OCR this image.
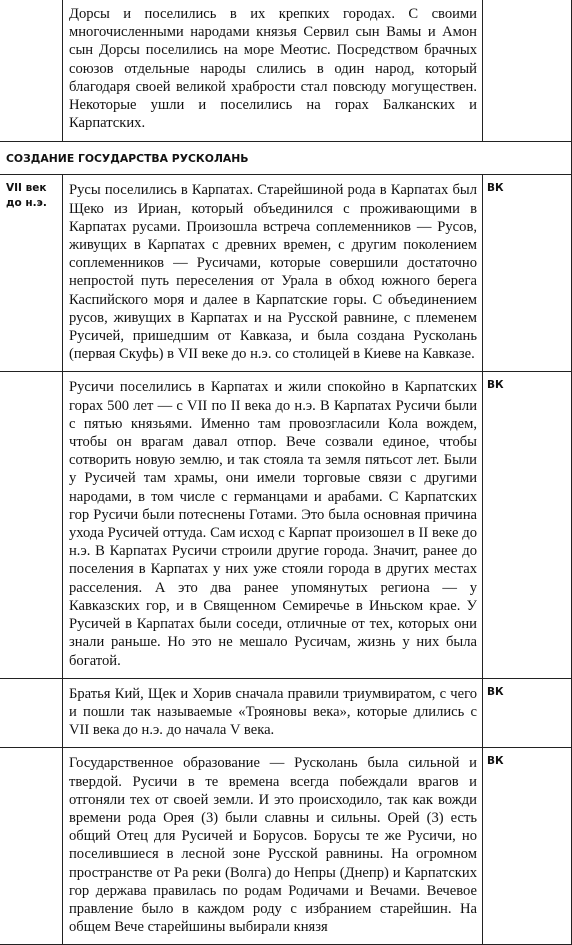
	Дорсы и поселились в их крепких городах. С своими многочисленными народами князья Сервил сын Вамы и Амон сын Дорсы поселились на море Меотис. Посредством брачных союзов отдельные народы слились в один народ, который благодаря своей великой храбрости стал повсюду могуществен. Некоторые ушли и поселились на горах Балканских и Карпатских.	
СОЗДАНИЕ ГОСУДАРСТВА РУСКОЛАНЬ		
VII век до н.э.	Русы поселились в Карпатах. Старейшиной рода в Карпатах был Щеко из Ириан, который объединился с проживающими в Карпатах русами. Произошла встреча соплеменников — Русов, живущих в Карпатах с древних времен, с другим поколением соплеменников — Русичами, которые совершили достаточно непростой путь переселения от Урала в обход южного берега Каспийского моря и далее в Карпатские горы. С объединением русов, живущих в Карпатах и на Русской равнине, с племенем Русичей, пришедшим от Кавказа, и была создана Русколань (первая Скуфь) в VII веке до н.э. со столицей в Киеве на Кавказе.	ВК
	Русичи поселились в Карпатах и жили спокойно в Карпатских горах 500 лет — с VII по II века до н.э. В Карпатах Русичи были с пятью князьями. Именно там провозгласили Кола вождем, чтобы он врагам давал отпор. Вече созвали единое, чтобы сотворить новую землю, и так стояла та земля пятьсот лет. Были у Русичей там храмы, они имели торговые связи с другими народами, в том числе с германцами и арабами. С Карпатских гор Русичи были потеснены Готами. Это была основная причина ухода Русичей оттуда. Сам исход с Карпат произошел в II веке до н.э. В Карпатах Русичи строили другие города. Значит, ранее до поселения в Карпатах у них уже стояли города в других местах расселения. А это два ранее упомянутых региона — у Кавказских гор, и в Священном Семиречье в Иньском крае. У Русичей в Карпатах были соседи, отличные от тех, которых они знали раньше. Но это не мешало Русичам, жизнь у них была богатой.	ВК
	Братья Кий, Щек и Хорив сначала правили триумвиратом, с чего и пошли так называемые «Трояновы века», которые длились с VII века до н.э. до начала V века.	ВК
	Государственное образование — Русколань была сильной и твердой. Русичи в те времена всегда побеждали врагов и отгоняли тех от своей земли. И это происходило, так как вожди времени рода Орея (3) были славны и сильны. Орей (3) есть общий Отец для Русичей и Борусов. Борусы те же Русичи, но поселившиеся в лесной зоне Русской равнины. На огромном пространстве от Ра реки (Волга) до Непры (Днепр) и Карпатских гор держава правилась по родам Родичами и Вечами. Вечевое правление было в каждом роду с избранием старейшин. На общем Вече старейшины выбирали князя	ВК
